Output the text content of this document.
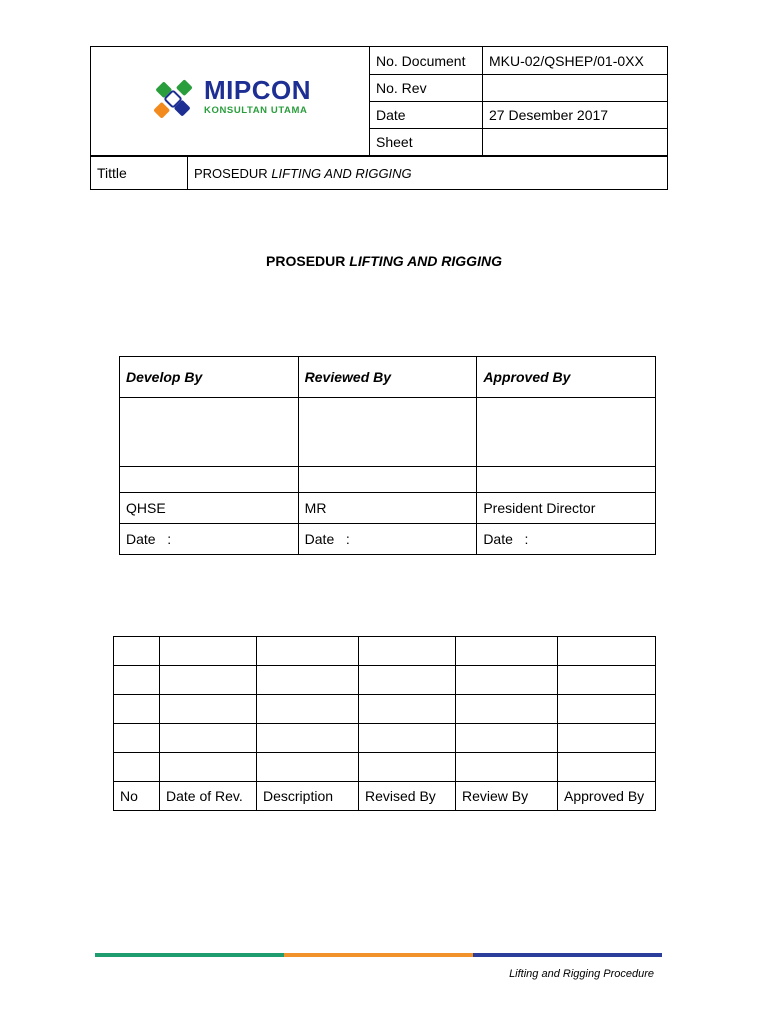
MIPCON
KONSULTAN UTAMA	No. Document	MKU-02/QSHEP/01-0XX
	No. Rev	
	Date	27 Desember 2017
	Sheet	
Tittle	PROSEDUR LIFTING AND RIGGING
PROSEDUR LIFTING AND RIGGING
Develop By	Reviewed By	Approved By

QHSE	MR	President Director
Date   :	Date   :	Date   :

No	Date of Rev.	Description	Revised By	Review By	Approved By
Lifting and Rigging Procedure
